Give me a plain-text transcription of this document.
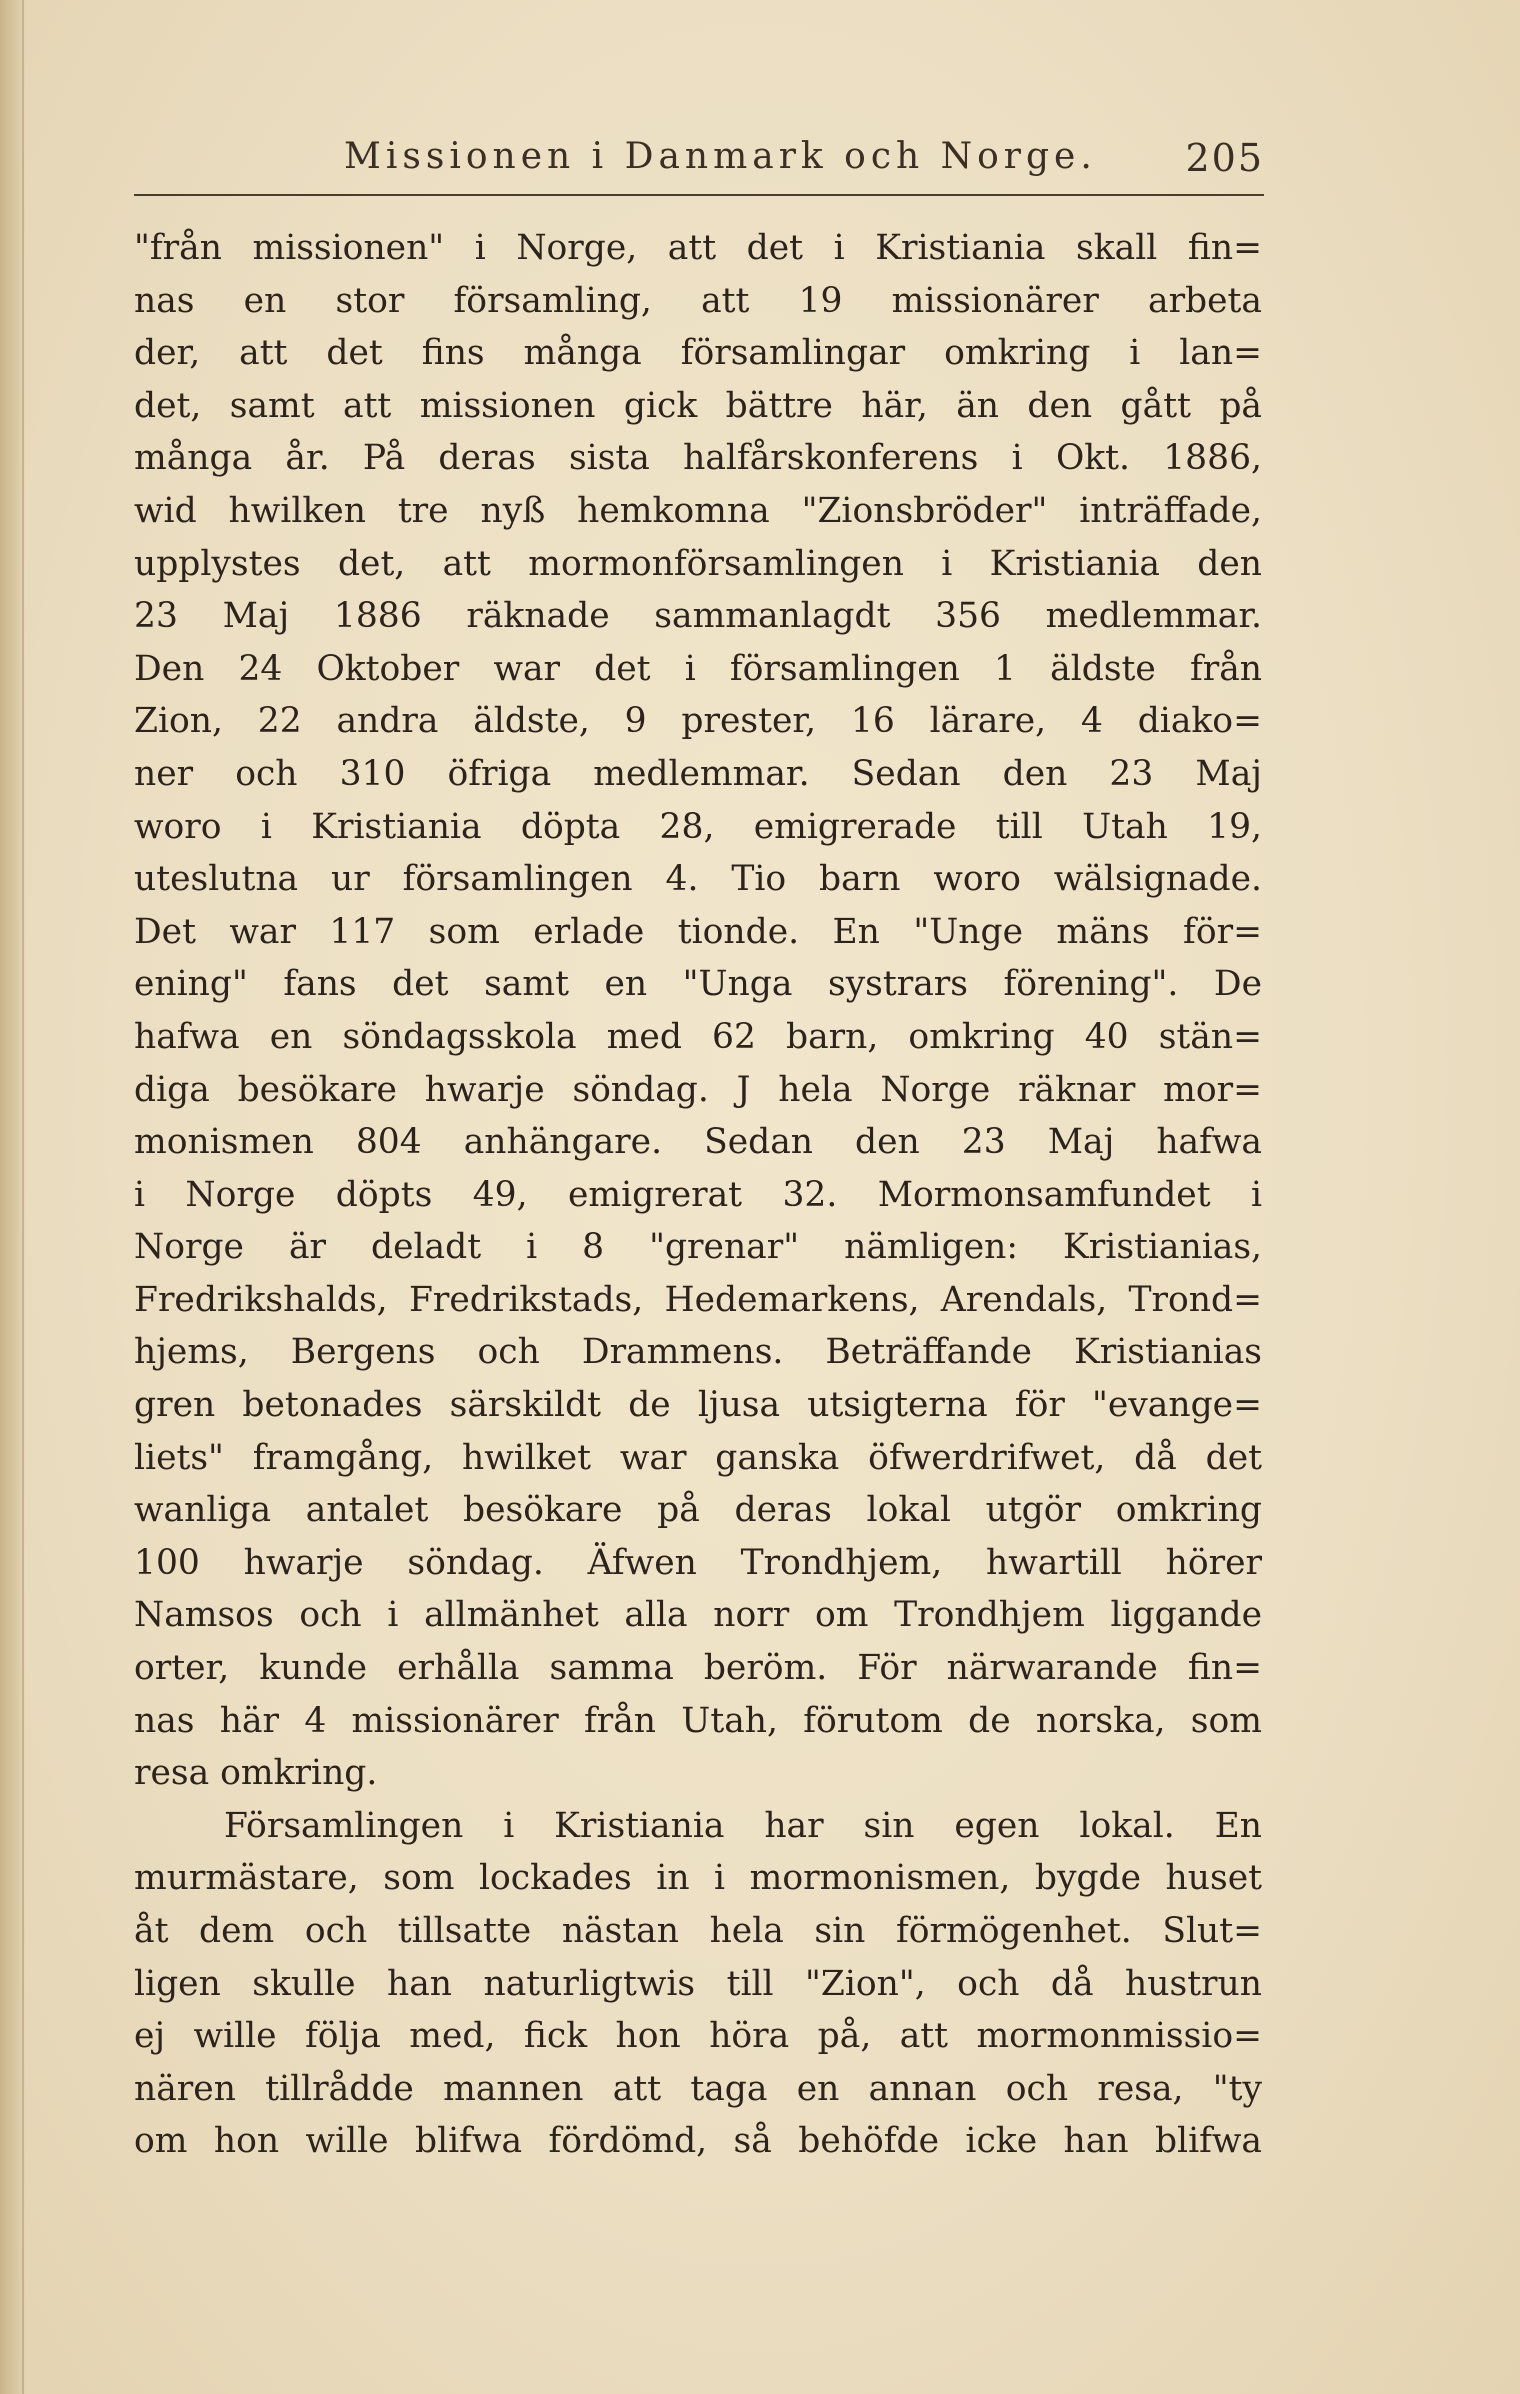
Missionen i Danmark och Norge. 205
"från missionen" i Norge, att det i Kristiania skall fin=
nas en stor församling, att 19 missionärer arbeta
der, att det fins många församlingar omkring i lan=
det, samt att missionen gick bättre här, än den gått på
många år. På deras sista halfårskonferens i Okt. 1886,
wid hwilken tre nyß hemkomna "Zionsbröder" inträffade,
upplystes det, att mormonförsamlingen i Kristiania den
23 Maj 1886 räknade sammanlagdt 356 medlemmar.
Den 24 Oktober war det i församlingen 1 äldste från
Zion, 22 andra äldste, 9 prester, 16 lärare, 4 diako=
ner och 310 öfriga medlemmar. Sedan den 23 Maj
woro i Kristiania döpta 28, emigrerade till Utah 19,
uteslutna ur församlingen 4. Tio barn woro wälsignade.
Det war 117 som erlade tionde. En "Unge mäns för=
ening" fans det samt en "Unga systrars förening". De
hafwa en söndagsskola med 62 barn, omkring 40 stän=
diga besökare hwarje söndag. J hela Norge räknar mor=
monismen 804 anhängare. Sedan den 23 Maj hafwa
i Norge döpts 49, emigrerat 32. Mormonsamfundet i
Norge är deladt i 8 "grenar" nämligen: Kristianias,
Fredrikshalds, Fredrikstads, Hedemarkens, Arendals, Trond=
hjems, Bergens och Drammens. Beträffande Kristianias
gren betonades särskildt de ljusa utsigterna för "evange=
liets" framgång, hwilket war ganska öfwerdrifwet, då det
wanliga antalet besökare på deras lokal utgör omkring
100 hwarje söndag. Äfwen Trondhjem, hwartill hörer
Namsos och i allmänhet alla norr om Trondhjem liggande
orter, kunde erhålla samma beröm. För närwarande fin=
nas här 4 missionärer från Utah, förutom de norska, som
resa omkring.
Församlingen i Kristiania har sin egen lokal. En
murmästare, som lockades in i mormonismen, bygde huset
åt dem och tillsatte nästan hela sin förmögenhet. Slut=
ligen skulle han naturligtwis till "Zion", och då hustrun
ej wille följa med, fick hon höra på, att mormonmissio=
nären tillrådde mannen att taga en annan och resa, "ty
om hon wille blifwa fördömd, så behöfde icke han blifwa
